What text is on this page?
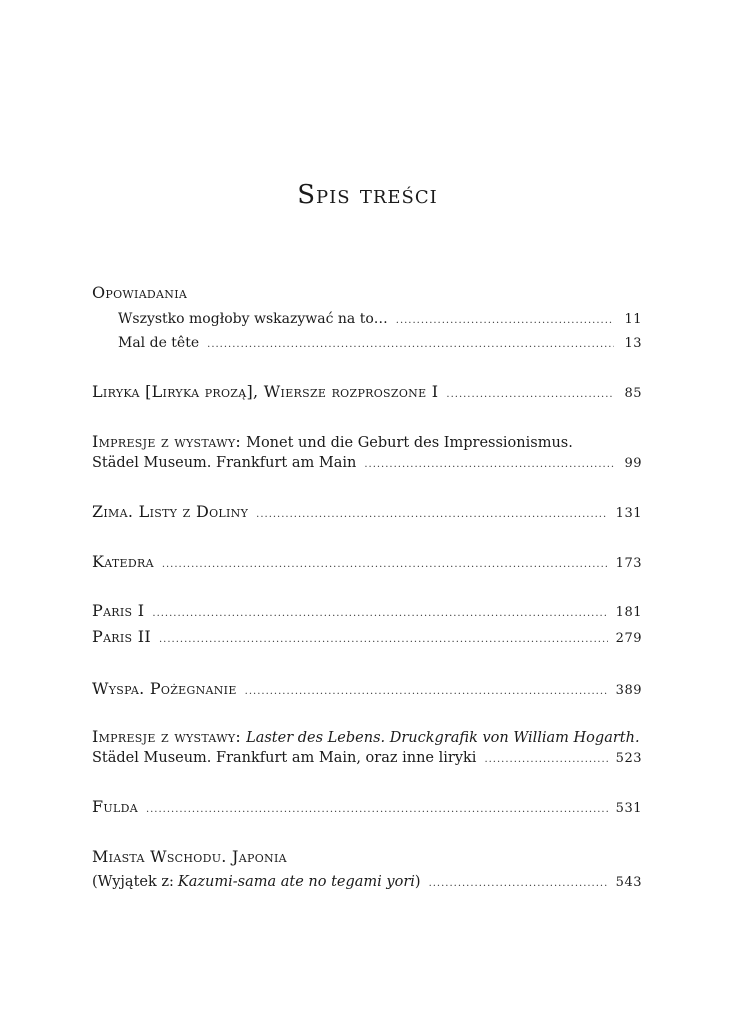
Spis treści
Opowiadania
Wszystko mogłoby wskazywać na to… .....	11
Mal de tête .....	13
Liryka [Liryka prozą], Wiersze rozproszone I .....	85
Impresje z wystawy: Monet und die Geburt des Impressionismus.
Städel Museum. Frankfurt am Main .....	99
Zima. Listy z Doliny .....	131
Katedra .....	173
Paris I .....	181
Paris II .....	279
Wyspa. Pożegnanie .....	389
Impresje z wystawy: Laster des Lebens. Druckgrafik von William Hogarth.
Städel Museum. Frankfurt am Main, oraz inne liryki .....	523
Fulda .....	531
Miasta Wschodu. Japonia
(Wyjątek z: Kazumi-sama ate no tegami yori ) .....	543
